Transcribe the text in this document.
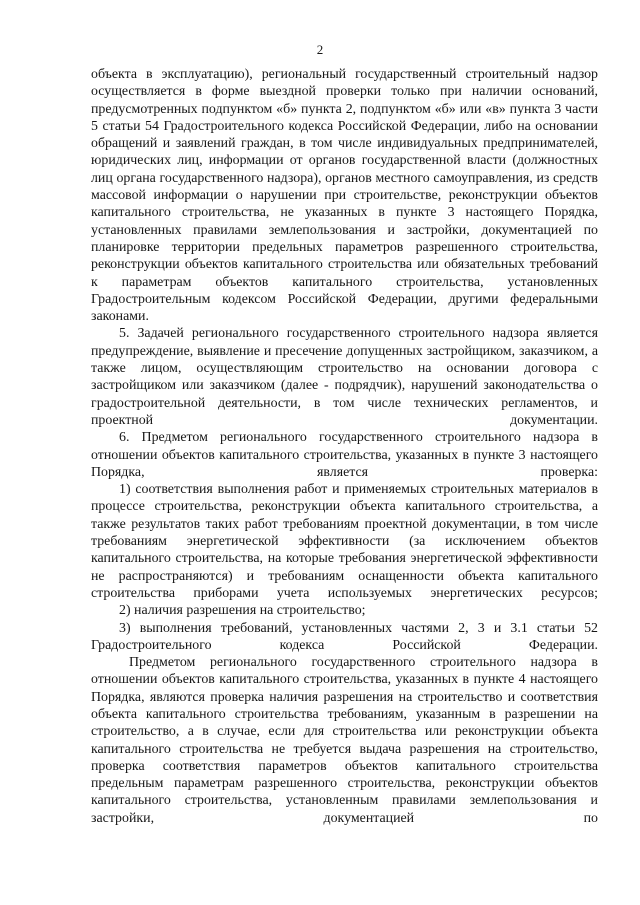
2

объекта в эксплуатацию), региональный государственный строительный надзор осуществляется в форме выездной проверки только при наличии оснований, предусмотренных подпунктом «б» пункта 2, подпунктом «б» или «в» пункта 3 части 5 статьи 54 Градостроительного кодекса Российской Федерации, либо на основании обращений и заявлений граждан, в том числе индивидуальных предпринимателей, юридических лиц, информации от органов государственной власти (должностных лиц органа государственного надзора), органов местного самоуправления, из средств массовой информации о нарушении при строительстве, реконструкции объектов капитального строительства, не указанных в пункте 3 настоящего Порядка, установленных правилами землепользования и застройки, документацией по планировке территории предельных параметров разрешенного строительства, реконструкции объектов капитального строительства или обязательных требований к параметрам объектов капитального строительства, установленных Градостроительным кодексом Российской Федерации, другими федеральными законами.

5. Задачей регионального государственного строительного надзора является предупреждение, выявление и пресечение допущенных застройщиком, заказчиком, а также лицом, осуществляющим строительство на основании договора с застройщиком или заказчиком (далее - подрядчик), нарушений законодательства о градостроительной деятельности, в том числе технических регламентов, и проектной документации.

6. Предметом регионального государственного строительного надзора в отношении объектов капитального строительства, указанных в пункте 3 настоящего Порядка, является проверка:

1) соответствия выполнения работ и применяемых строительных материалов в процессе строительства, реконструкции объекта капитального строительства, а также результатов таких работ требованиям проектной документации, в том числе требованиям энергетической эффективности (за исключением объектов капитального строительства, на которые требования энергетической эффективности не распространяются) и требованиям оснащенности объекта капитального строительства приборами учета используемых энергетических ресурсов;

2) наличия разрешения на строительство;

3) выполнения требований, установленных частями 2, 3 и 3.1 статьи 52 Градостроительного кодекса Российской Федерации.

Предметом регионального государственного строительного надзора в отношении объектов капитального строительства, указанных в пункте 4 настоящего Порядка, являются проверка наличия разрешения на строительство и соответствия объекта капитального строительства требованиям, указанным в разрешении на строительство, а в случае, если для строительства или реконструкции объекта капитального строительства не требуется выдача разрешения на строительство, проверка соответствия параметров объектов капитального строительства предельным параметрам разрешенного строительства, реконструкции объектов капитального строительства, установленным правилами землепользования и застройки, документацией по
